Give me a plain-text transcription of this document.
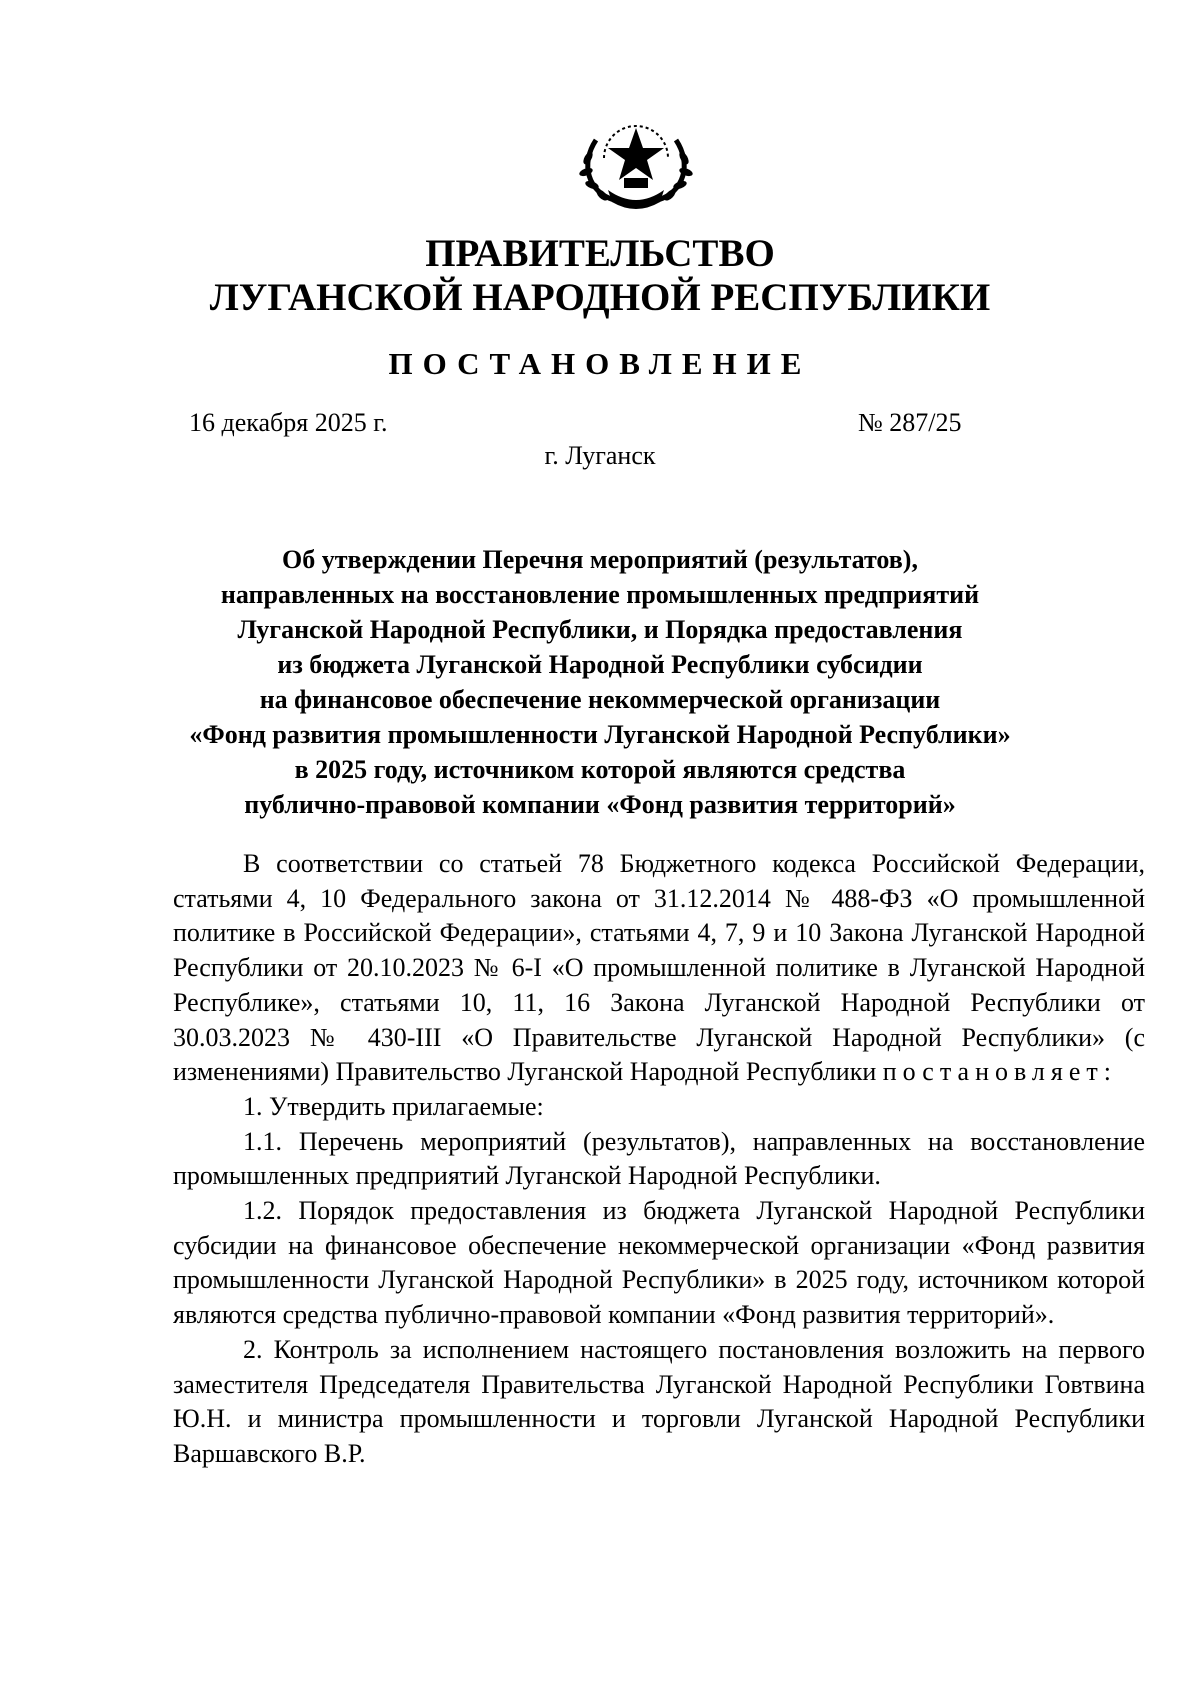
ПРАВИТЕЛЬСТВО
ЛУГАНСКОЙ НАРОДНОЙ РЕСПУБЛИКИ
ПОСТАНОВЛЕНИЕ
16 декабря 2025 г.	№ 287/25
г. Луганск
Об утверждении Перечня мероприятий (результатов),
направленных на восстановление промышленных предприятий
Луганской Народной Республики, и Порядка предоставления
из бюджета Луганской Народной Республики субсидии
на финансовое обеспечение некоммерческой организации
«Фонд развития промышленности Луганской Народной Республики»
в 2025 году, источником которой являются средства
публично-правовой компании «Фонд развития территорий»

В соответствии со статьей 78 Бюджетного кодекса Российской Федерации, статьями 4, 10 Федерального закона от 31.12.2014 № 488-ФЗ «О промышленной политике в Российской Федерации», статьями 4, 7, 9 и 10 Закона Луганской Народной Республики от 20.10.2023 № 6-I «О промышленной политике в Луганской Народной Республике», статьями 10, 11, 16 Закона Луганской Народной Республики от 30.03.2023 № 430-III «О Правительстве Луганской Народной Республики» (с изменениями) Правительство Луганской Народной Республики постановляет:

1. Утвердить прилагаемые:

1.1. Перечень мероприятий (результатов), направленных на восстановление промышленных предприятий Луганской Народной Республики.

1.2. Порядок предоставления из бюджета Луганской Народной Республики субсидии на финансовое обеспечение некоммерческой организации «Фонд развития промышленности Луганской Народной Республики» в 2025 году, источником которой являются средства публично-правовой компании «Фонд развития территорий».

2. Контроль за исполнением настоящего постановления возложить на первого заместителя Председателя Правительства Луганской Народной Республики Говтвина Ю.Н. и министра промышленности и торговли Луганской Народной Республики Варшавского В.Р.
